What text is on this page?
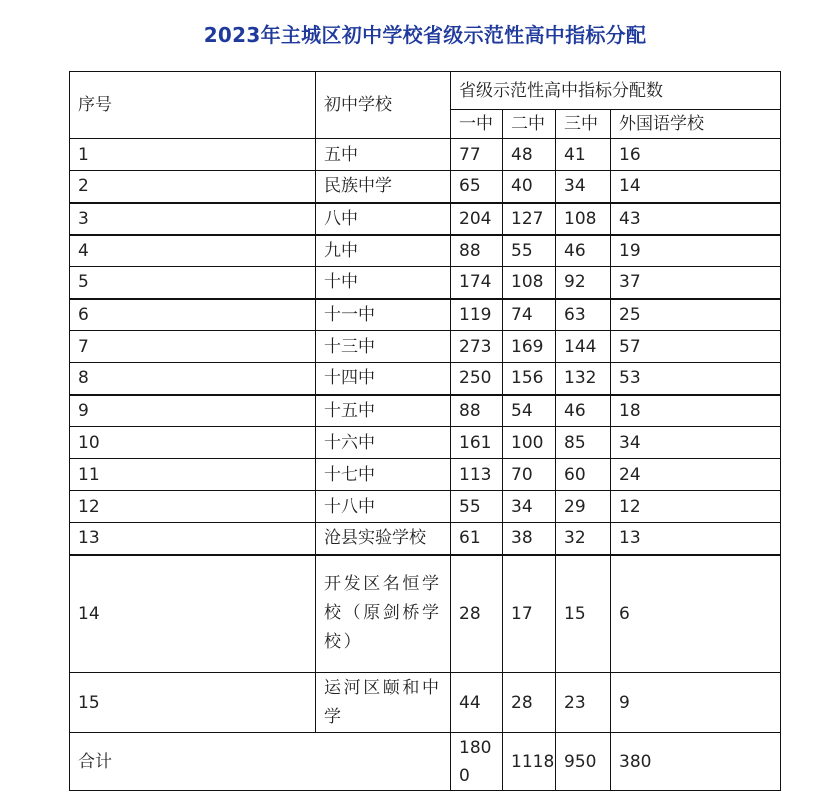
2023年主城区初中学校省级示范性高中指标分配
序号	初中学校	省级示范性高中指标分配数			
		一中	二中	三中	外国语学校
1	五中	77	48	41	16
2	民族中学	65	40	34	14
3	八中	204	127	108	43
4	九中	88	55	46	19
5	十中	174	108	92	37
6	十一中	119	74	63	25
7	十三中	273	169	144	57
8	十四中	250	156	132	53
9	十五中	88	54	46	18
10	十六中	161	100	85	34
11	十七中	113	70	60	24
12	十八中	55	34	29	12
13	沧县实验学校	61	38	32	13
14	开发区名恒学校（原剑桥学校）	28	17	15	6
15	运河区颐和中学	44	28	23	9
合计		1800	1118	950	380
